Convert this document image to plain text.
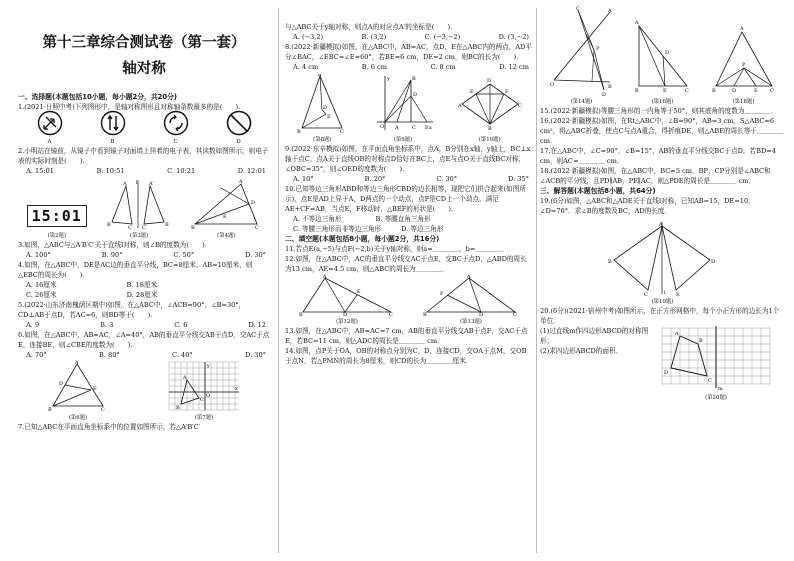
第十三章综合测试卷（第一套）
轴对称
一、选择题(本题包括10小题，每小题2分，共20分)

1.(2021·日照中考)下列图形中，是轴对称图形且对称轴条数最多的是(　　).

A	B	C	D

2.小明站在镜前，从镜子中看到镜子对面墙上挂着的电子表，其读数如图所示，则电子表的实际时刻是(　　).

A. 15:01	B. 10:51	C. 10:21	D. 12:01
15:01
(第2题)
A	A′
B	B′
C C′
l
(第3题)
A
B	C
D
E
(第4题)

3.如图，△ABC与△A′B′C′关于直线l对称，则∠B的度数为(　　).

A. 100°	B. 90°	C. 50°	D. 30°

4.如图，在△ABC中，DE是AC边的垂直平分线，BC=8厘米，AB=10厘米，则△EBC的周长为(　　).

A. 16厘米	B. 18厘米
C. 26厘米	D. 28厘米

5.(2022·山东济南槐荫区期中)如图，在△ABC中，∠ACB=90°，∠B=30°，CD⊥AB于点D，若AC=6，则BD等于(　　).

A. 9	B. 3	C. 6	D. 12

6.如图，在△ABC中，AB=AC，∠A=40°，AB的垂直平分线交AB于点D，交AC于点E，连接BE，则∠CBE的度数为(　　).

A. 70°	B. 80°	C. 40°	D. 30°
A
B	C
D
E
(第6题)
A
B
C
y
x
O
(第7题)

7.已知△ABC在平面直角坐标系中的位置如图所示，若△A′B′C′

与△ABC关于y轴对称，则点A的对应点A′的坐标是(　　).

A. (−3,2)	B. (3,2)	C. (−3,−2)	D. (3,−2)

8.(2022·新疆模拟)如图，在△ABC中，AB=AC，点D，E在△ABC内的两点，AD平分∠BAC，∠EBC=∠E=60°，若BE=6 cm，DE=2 cm，则BC的长为(　　).

A. 4 cm	B. 6 cm	C. 8 cm	D. 12 cm
A
B	C
D
E
(第8题)
y
x
O
B
A	C
D
E
(第9题)
D
A	C
B
E	F
(第10题)

9.(2022·东辛模拟)如图，在平面直角坐标系中，点A，B分别在x轴，y轴上，BC⊥x轴于点C，点A关于直线OB的对称点D恰好在BC上，点E与点O关于直线BC对称，∠OBC=35°，则∠OED的度数为(　　).

A. 10°	B. 20°	C. 30°	D. 35°

10.已知等边三角形ABD和等边三角形CBD的边长相等，现把它们拼合起来(如图所示)，点E是AD上异于A，D两点的一个动点，点F是CD上一个动点，满足AE+CF=AB，当点E，F移动时，△BEF的形状是(　　).

A. 不等边三角形	B. 等腰直角三角形
C. 等腰三角形而非等边三角形	D. 等边三角形
二、填空题(本题包括8小题，每小题2分，共16分)

11.若点E(a,−5)与点F(−2,b)关于y轴对称，则a=＿＿＿＿，b=＿＿＿＿．

12.如图，在△ABC中，AC的垂直平分线交AC于点E，交BC于点D，△ABD的周长为13 cm，AE=4.5 cm，则△ABC的周长为＿＿＿＿．

A
B	C
D
E
(第12题)
A
B	C
D
F
(第13题)

13.如图，在△ABC中，AB=AC=7 cm，AB的垂直平分线交AB于点F，交AC于点E，若BC=11 cm，则△ADC的周长是＿＿＿＿ cm．

14.如图，点P关于OA，OB的对称点分别为C，D，连接CD，交OA于点M，交OB于点N，若△PMN的周长为8厘米，则CD的长为＿＿＿＿厘米．

O
A
B
C
D
P
(第14题)
A
B	C
E
D
(第16题)
A
B	C
P
D	E
(第18题)

15.(2022·新疆模拟)等腰三角形的一内角等于50°，则其底角的度数为＿＿＿＿．

16.(2022·新疆模拟)如图，在Rt△ABC中，∠B=90°，AB=3 cm，S△ABC=6 cm²，将△ABC折叠，使点C与点A重合，得折痕DE，则△ABE的周长等于＿＿＿＿ cm．

17.在△ABC中，∠C=90°，∠B=15°，AB的垂直平分线交BC于点D，若BD=4 cm，则AC=＿＿＿＿ cm．

18.(2022·新疆模拟)如图，在△ABC中，BC=5 cm，BP，CP分别是∠ABC和∠ACB的平分线，且PD∥AB，PE∥AC，则△PDE的周长是＿＿＿＿ cm．

三、解答题(本题包括8小题，共64分)

19.(6分)如图，△ABC和△ADE关于直线l对称，已知AB=15，DE=10，∠D=70°．求∠B的度数及BC，AD的长度．

A
B
C
D
E
l
(第19题)

20.(6分)(2021·宿州中考)如图所示，在正方形网格中，每个小正方形的边长为1个单位．

(1)过直线m作四边形ABCD的对称图形；

(2)求四边形ABCD的面积．

A
B
C
D
m
(第20题)
